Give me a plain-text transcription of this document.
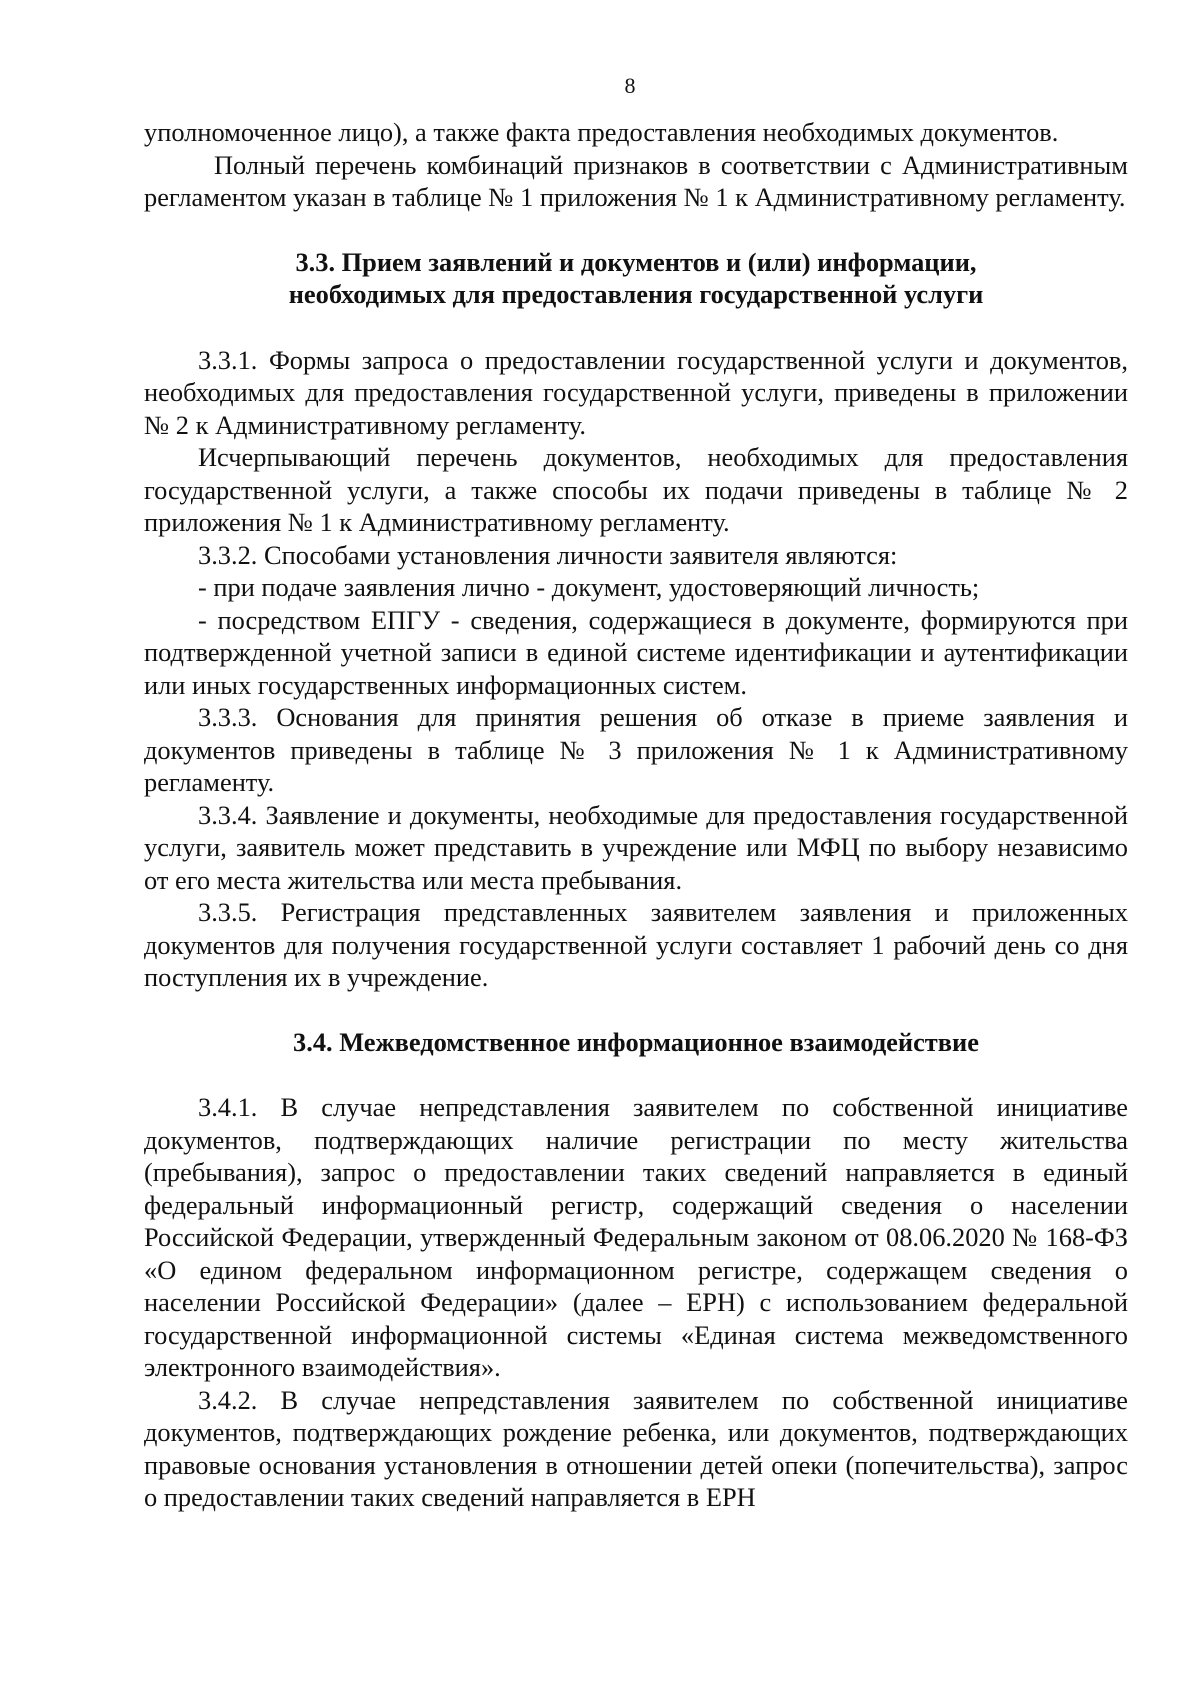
8

уполномоченное лицо), а также факта предоставления необходимых документов.

Полный перечень комбинаций признаков в соответствии с Административным регламентом указан в таблице № 1 приложения № 1 к Административному регламенту.

3.3. Прием заявлений и документов и (или) информации,
необходимых для предоставления государственной услуги

3.3.1. Формы запроса о предоставлении государственной услуги и документов, необходимых для предоставления государственной услуги, приведены в приложении № 2 к Административному регламенту.

Исчерпывающий перечень документов, необходимых для предоставления государственной услуги, а также способы их подачи приведены в таблице № 2 приложения № 1 к Административному регламенту.

3.3.2. Способами установления личности заявителя являются:

- при подаче заявления лично - документ, удостоверяющий личность;

- посредством ЕПГУ - сведения, содержащиеся в документе, формируются при подтвержденной учетной записи в единой системе идентификации и аутентификации или иных государственных информационных систем.

3.3.3. Основания для принятия решения об отказе в приеме заявления и документов приведены в таблице № 3 приложения № 1 к Административному регламенту.

3.3.4. Заявление и документы, необходимые для предоставления государственной услуги, заявитель может представить в учреждение или МФЦ по выбору независимо от его места жительства или места пребывания.

3.3.5. Регистрация представленных заявителем заявления и приложенных документов для получения государственной услуги составляет 1 рабочий день со дня поступления их в учреждение.

3.4. Межведомственное информационное взаимодействие

3.4.1. В случае непредставления заявителем по собственной инициативе документов, подтверждающих наличие регистрации по месту жительства (пребывания), запрос о предоставлении таких сведений направляется в единый федеральный информационный регистр, содержащий сведения о населении Российской Федерации, утвержденный Федеральным законом от 08.06.2020 № 168-ФЗ «О едином федеральном информационном регистре, содержащем сведения о населении Российской Федерации» (далее – ЕРН) с использованием федеральной государственной информационной системы «Единая система межведомственного электронного взаимодействия».

3.4.2. В случае непредставления заявителем по собственной инициативе документов, подтверждающих рождение ребенка, или документов, подтверждающих правовые основания установления в отношении детей опеки (попечительства), запрос о предоставлении таких сведений направляется в ЕРН
